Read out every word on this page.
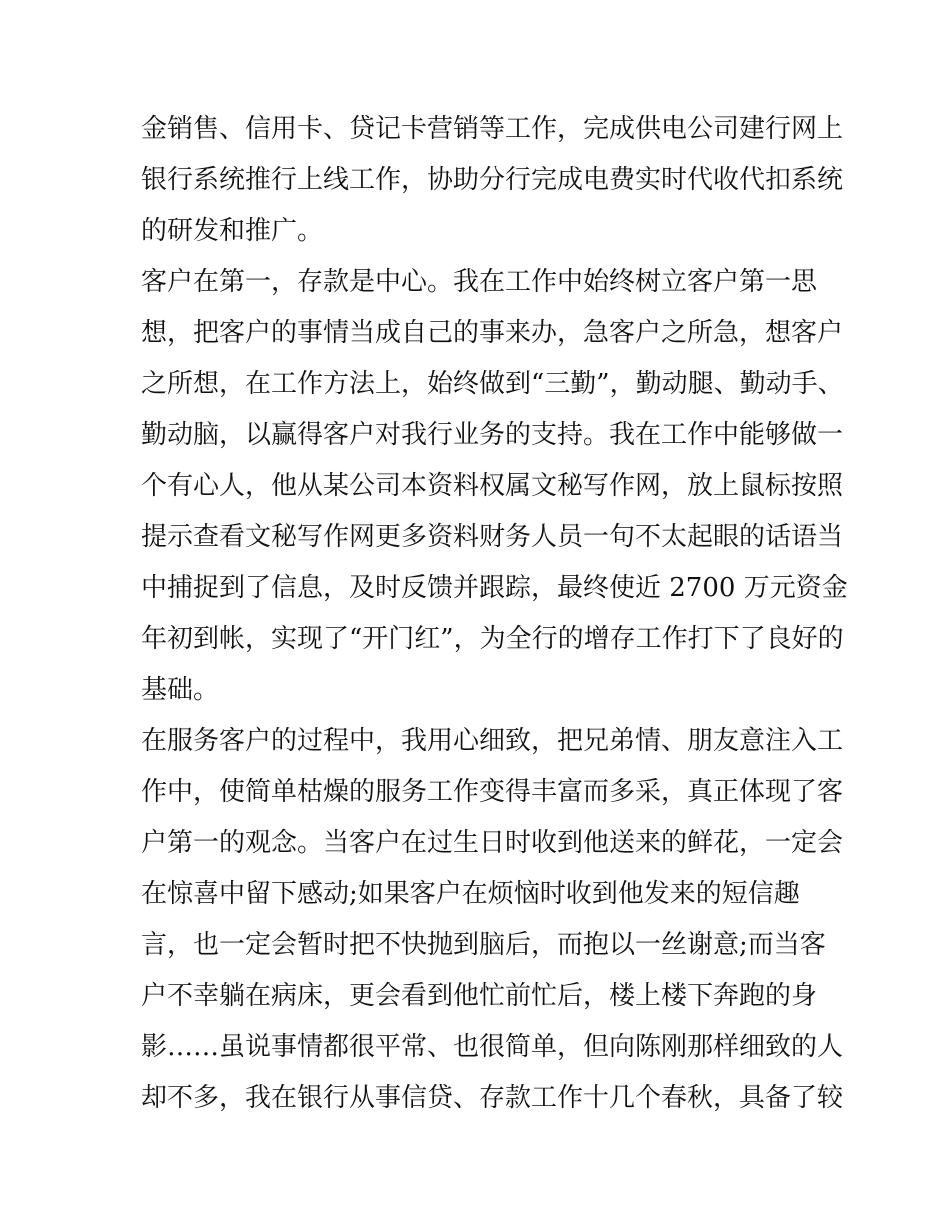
金销售、信用卡、贷记卡营销等工作，完成供电公司建行网上
银行系统推行上线工作，协助分行完成电费实时代收代扣系统
的研发和推广。
客户在第一，存款是中心。我在工作中始终树立客户第一思
想，把客户的事情当成自己的事来办，急客户之所急，想客户
之所想，在工作方法上，始终做到“三勤”，勤动腿、勤动手、
勤动脑，以赢得客户对我行业务的支持。我在工作中能够做一
个有心人，他从某公司本资料权属文秘写作网，放上鼠标按照
提示查看文秘写作网更多资料财务人员一句不太起眼的话语当
中捕捉到了信息，及时反馈并跟踪，最终使近 2700 万元资金
年初到帐，实现了“开门红”，为全行的增存工作打下了良好的
基础。
在服务客户的过程中，我用心细致，把兄弟情、朋友意注入工
作中，使简单枯燥的服务工作变得丰富而多采，真正体现了客
户第一的观念。当客户在过生日时收到他送来的鲜花，一定会
在惊喜中留下感动;如果客户在烦恼时收到他发来的短信趣
言，也一定会暂时把不快抛到脑后，而抱以一丝谢意;而当客
户不幸躺在病床，更会看到他忙前忙后，楼上楼下奔跑的身
影……虽说事情都很平常、也很简单，但向陈刚那样细致的人
却不多，我在银行从事信贷、存款工作十几个春秋，具备了较
